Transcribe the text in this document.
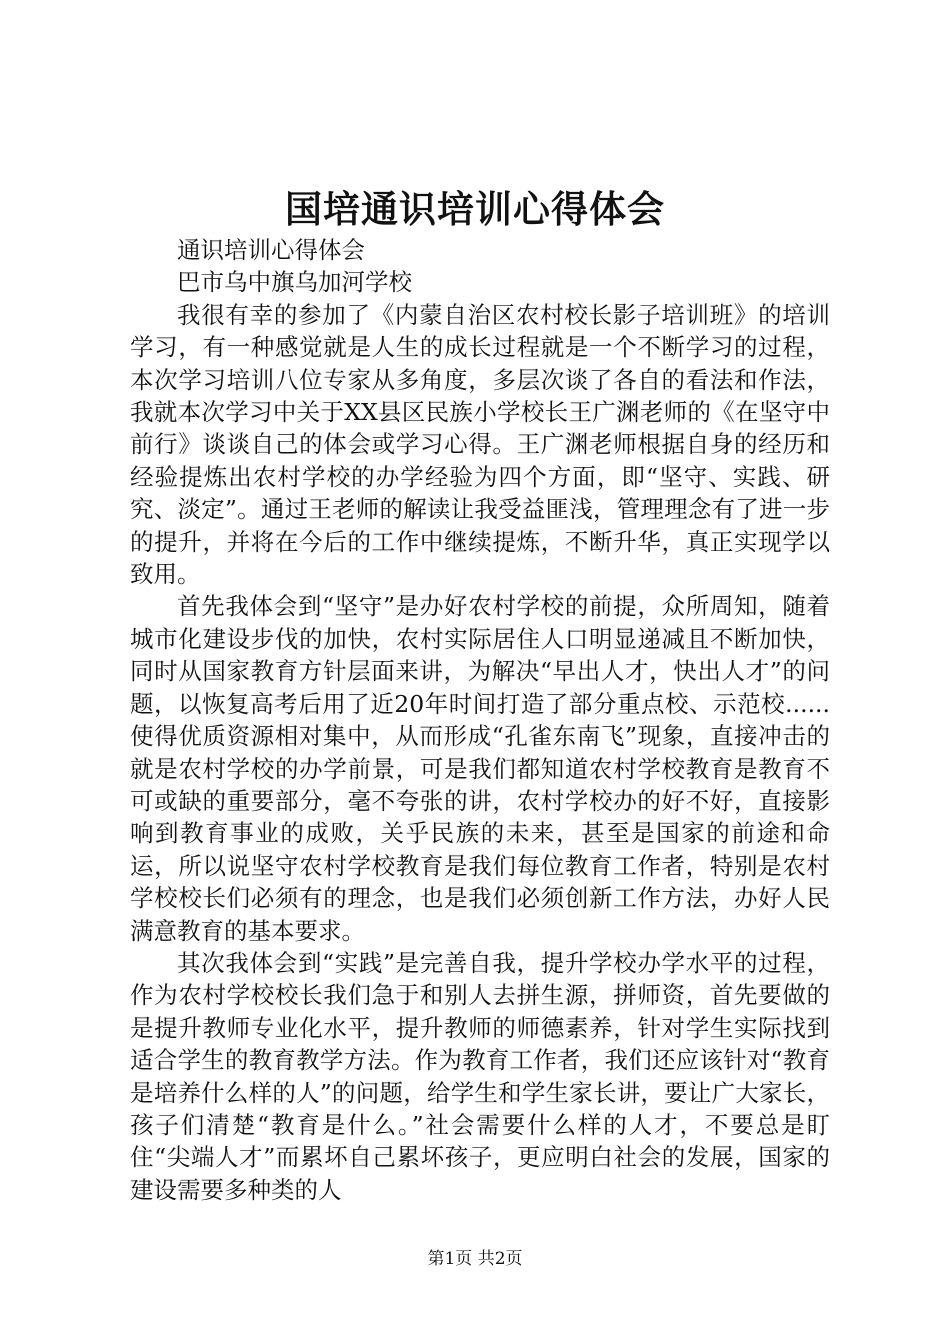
国培通识培训心得体会

通识培训心得体会

巴市乌中旗乌加河学校

我很有幸的参加了《内蒙自治区农村校长影子培训班》的培训学习，有一种感觉就是人生的成长过程就是一个不断学习的过程，本次学习培训八位专家从多角度，多层次谈了各自的看法和作法，我就本次学习中关于XX县区民族小学校长王广渊老师的《在坚守中前行》谈谈自己的体会或学习心得。王广渊老师根据自身的经历和经验提炼出农村学校的办学经验为四个方面，即“坚守、实践、研究、淡定”。通过王老师的解读让我受益匪浅，管理理念有了进一步的提升，并将在今后的工作中继续提炼，不断升华，真正实现学以致用。

首先我体会到“坚守”是办好农村学校的前提，众所周知，随着城市化建设步伐的加快，农村实际居住人口明显递减且不断加快，同时从国家教育方针层面来讲，为解决“早出人才，快出人才”的问题，以恢复高考后用了近20年时间打造了部分重点校、示范校......使得优质资源相对集中，从而形成“孔雀东南飞”现象，直接冲击的就是农村学校的办学前景，可是我们都知道农村学校教育是教育不可或缺的重要部分，毫不夸张的讲，农村学校办的好不好，直接影响到教育事业的成败，关乎民族的未来，甚至是国家的前途和命运，所以说坚守农村学校教育是我们每位教育工作者，特别是农村学校校长们必须有的理念，也是我们必须创新工作方法，办好人民满意教育的基本要求。

其次我体会到“实践”是完善自我，提升学校办学水平的过程，作为农村学校校长我们急于和别人去拼生源，拼师资，首先要做的是提升教师专业化水平，提升教师的师德素养，针对学生实际找到适合学生的教育教学方法。作为教育工作者，我们还应该针对“教育是培养什么样的人”的问题，给学生和学生家长讲，要让广大家长，孩子们清楚“教育是什么。”社会需要什么样的人才，不要总是盯住“尖端人才”而累坏自己累坏孩子，更应明白社会的发展，国家的建设需要多种类的人

第1页 共2页
